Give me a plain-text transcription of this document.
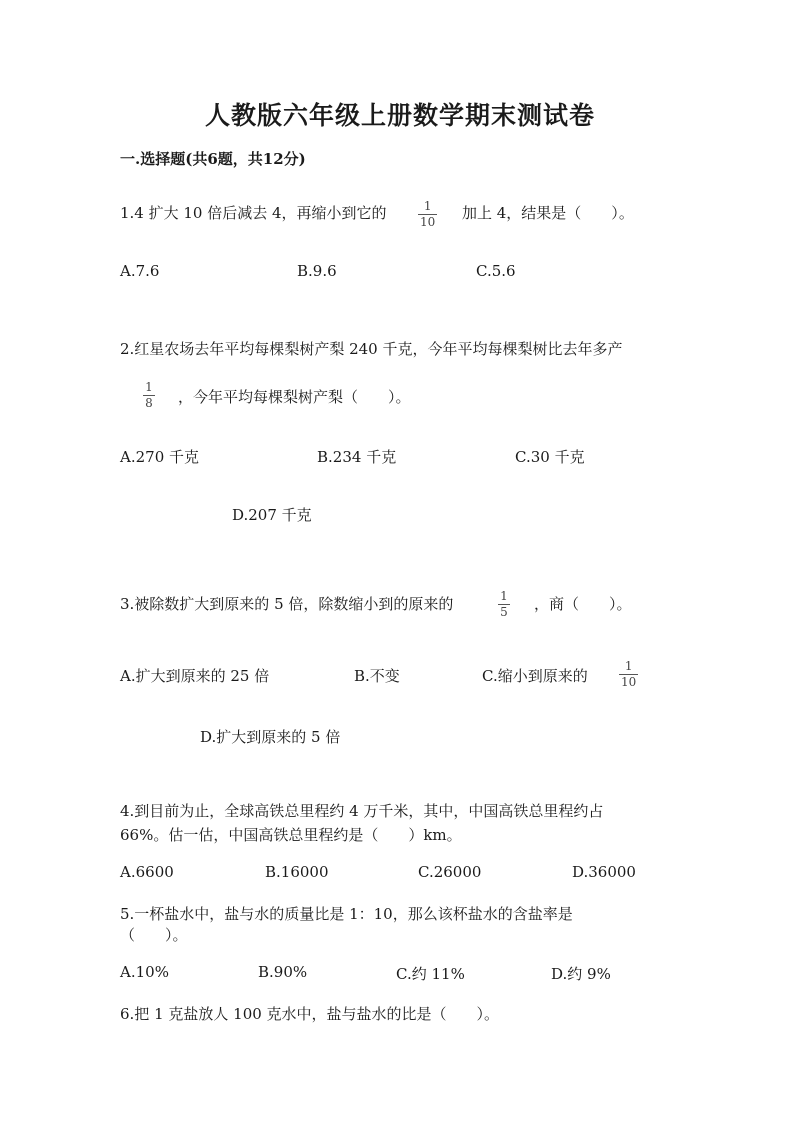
人教版六年级上册数学期末测试卷
一.选择题(共6题，共12分)
1.4 扩大 10 倍后减去 4，再缩小到它的	1
10 加上 4，结果是（　　）。
A.7.6	B.9.6	C.5.6
2.红星农场去年平均每棵梨树产梨 240 千克，今年平均每棵梨树比去年多产
1
8 ，今年平均每棵梨树产梨（　　）。
A.270 千克	B.234 千克	C.30 千克
D.207 千克
3.被除数扩大到原来的 5 倍，除数缩小到的原来的	1
5 ，商（　　）。
A.扩大到原来的 25 倍	B.不变	C.缩小到原来的
1
10
D.扩大到原来的 5 倍
4.到目前为止，全球高铁总里程约 4 万千米，其中，中国高铁总里程约占
66%。估一估，中国高铁总里程约是（　　）km。
A.6600	B.16000	C.26000	D.36000
5.一杯盐水中，盐与水的质量比是 1：10，那么该杯盐水的含盐率是
（　　）。
A.10%	B.90%	C.约 11%	D.约 9%
6.把 1 克盐放人 100 克水中，盐与盐水的比是（　　）。
